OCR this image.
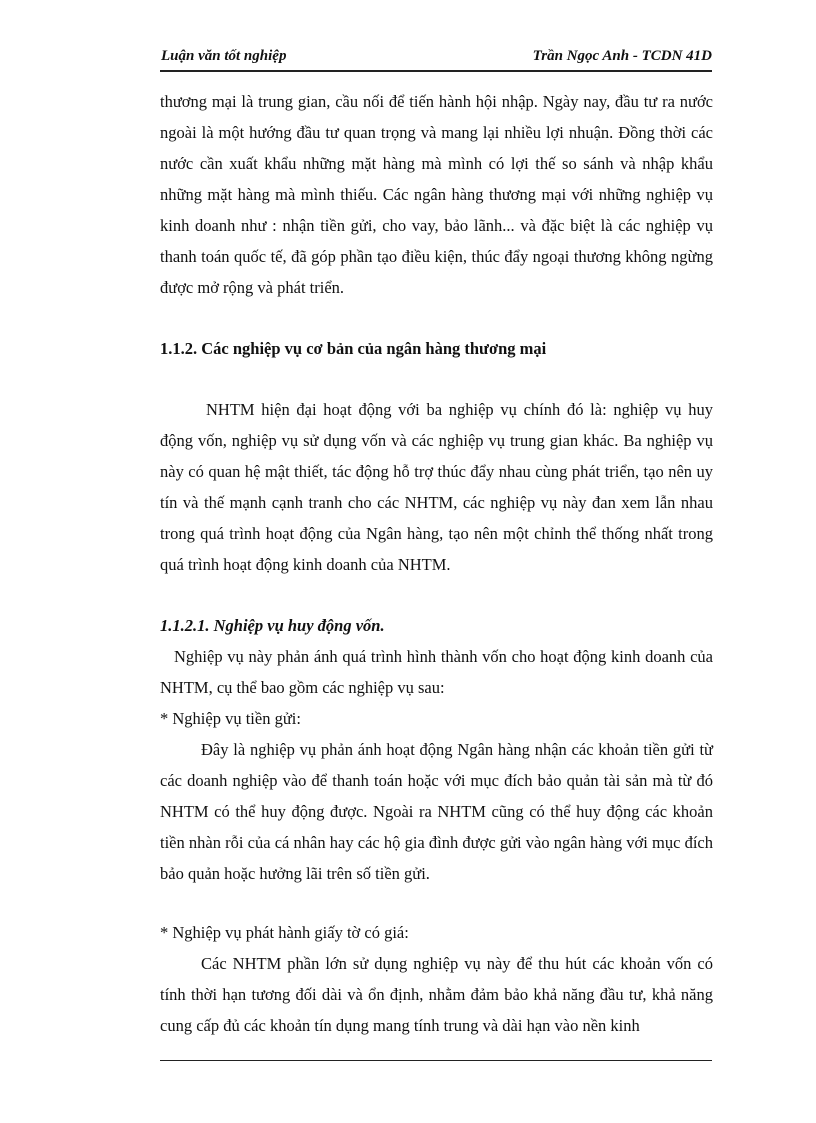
Luận văn tốt nghiệp	Trần Ngọc Anh - TCDN 41D

thương mại là trung gian, cầu nối để tiến hành hội nhập. Ngày nay, đầu tư ra nước ngoài là một hướng đầu tư quan trọng và mang lại nhiều lợi nhuận. Đồng thời các nước cần xuất khẩu những mặt hàng mà mình có lợi thế so sánh và nhập khẩu những mặt hàng mà mình thiếu. Các ngân hàng thương mại với những nghiệp vụ kinh doanh như : nhận tiền gửi, cho vay, bảo lãnh... và đặc biệt là các nghiệp vụ thanh toán quốc tế, đã góp phần tạo điều kiện, thúc đẩy ngoại thương không ngừng được mở rộng và phát triển.

1.1.2. Các nghiệp vụ cơ bản của ngân hàng thương mại

NHTM hiện đại hoạt động với ba nghiệp vụ chính đó là: nghiệp vụ huy động vốn, nghiệp vụ sử dụng vốn và các nghiệp vụ trung gian khác. Ba nghiệp vụ này có quan hệ mật thiết, tác động hỗ trợ thúc đẩy nhau cùng phát triển, tạo nên uy tín và thế mạnh cạnh tranh cho các NHTM, các nghiệp vụ này đan xem lẫn nhau trong quá trình hoạt động của Ngân hàng, tạo nên một chỉnh thể thống nhất trong quá trình hoạt động kinh doanh của NHTM.

1.1.2.1. Nghiệp vụ huy động vốn.

Nghiệp vụ này phản ánh quá trình hình thành vốn cho hoạt động kinh doanh của NHTM, cụ thể bao gồm các nghiệp vụ sau:

* Nghiệp vụ tiền gửi:

Đây là nghiệp vụ phản ánh hoạt động Ngân hàng nhận các khoản tiền gửi từ các doanh nghiệp vào để thanh toán hoặc với mục đích bảo quản tài sản mà từ đó NHTM có thể huy động được. Ngoài ra NHTM cũng có thể huy động các khoản tiền nhàn rỗi của cá nhân hay các hộ gia đình được gửi vào ngân hàng với mục đích bảo quản hoặc hưởng lãi trên số tiền gửi.

* Nghiệp vụ phát hành giấy tờ có giá:

Các NHTM phần lớn sử dụng nghiệp vụ này để thu hút các khoản vốn có tính thời hạn tương đối dài và ổn định, nhằm đảm bảo khả năng đầu tư, khả năng cung cấp đủ các khoản tín dụng mang tính trung và dài hạn vào nền kinh
